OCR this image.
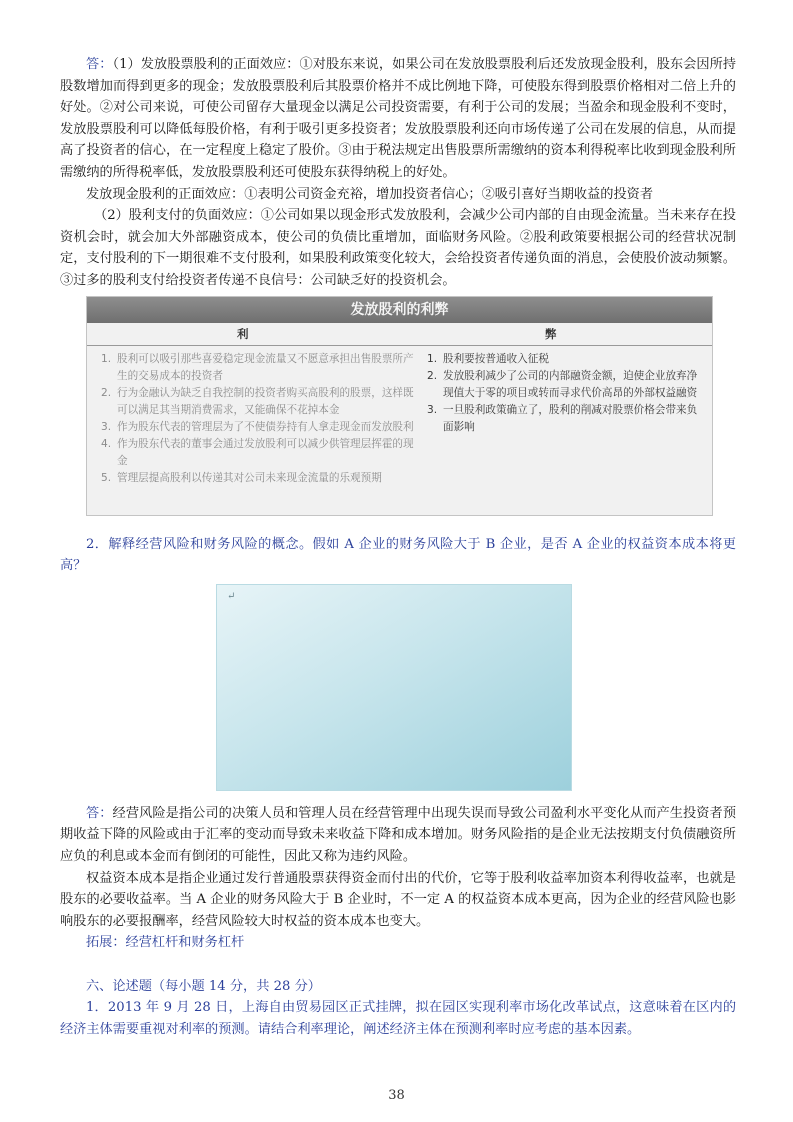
答：（1）发放股票股利的正面效应：①对股东来说，如果公司在发放股票股利后还发放现金股利，股东会因所持股数增加而得到更多的现金；发放股票股利后其股票价格并不成比例地下降，可使股东得到股票价格相对二倍上升的好处。②对公司来说，可使公司留存大量现金以满足公司投资需要，有利于公司的发展；当盈余和现金股利不变时，发放股票股利可以降低每股价格，有利于吸引更多投资者；发放股票股利还向市场传递了公司在发展的信息，从而提高了投资者的信心，在一定程度上稳定了股价。③由于税法规定出售股票所需缴纳的资本利得税率比收到现金股利所需缴纳的所得税率低，发放股票股利还可使股东获得纳税上的好处。

发放现金股利的正面效应：①表明公司资金充裕，增加投资者信心；②吸引喜好当期收益的投资者

（2）股利支付的负面效应：①公司如果以现金形式发放股利，会减少公司内部的自由现金流量。当未来存在投资机会时，就会加大外部融资成本，使公司的负债比重增加，面临财务风险。②股利政策要根据公司的经营状况制定，支付股利的下一期很难不支付股利，如果股利政策变化较大，会给投资者传递负面的消息，会使股价波动频繁。③过多的股利支付给投资者传递不良信号：公司缺乏好的投资机会。

发放股利的利弊
利	弊
1. 股利可以吸引那些喜爱稳定现金流量又不愿意承担出售股票所产生的交易成本的投资者
2. 行为金融认为缺乏自我控制的投资者购买高股利的股票，这样既可以满足其当期消费需求，又能确保不花掉本金
3. 作为股东代表的管理层为了不使债券持有人拿走现金而发放股利
4. 作为股东代表的董事会通过发放股利可以减少供管理层挥霍的现金
5. 管理层提高股利以传递其对公司未来现金流量的乐观预期
1. 股利要按普通收入征税
2. 发放股利减少了公司的内部融资金额，迫使企业放弃净现值大于零的项目或转而寻求代价高昂的外部权益融资
3. 一旦股利政策确立了，股利的削减对股票价格会带来负面影响

2．解释经营风险和财务风险的概念。假如 A 企业的财务风险大于 B 企业，是否 A 企业的权益资本成本将更高？

↵

答：经营风险是指公司的决策人员和管理人员在经营管理中出现失误而导致公司盈利水平变化从而产生投资者预期收益下降的风险或由于汇率的变动而导致未来收益下降和成本增加。财务风险指的是企业无法按期支付负债融资所应负的利息或本金而有倒闭的可能性，因此又称为违约风险。

权益资本成本是指企业通过发行普通股票获得资金而付出的代价，它等于股利收益率加资本利得收益率，也就是股东的必要收益率。当 A 企业的财务风险大于 B 企业时，不一定 A 的权益资本成本更高，因为企业的经营风险也影响股东的必要报酬率，经营风险较大时权益的资本成本也变大。

拓展：经营杠杆和财务杠杆

六、论述题（每小题 14 分，共 28 分）

1．2013 年 9 月 28 日，上海自由贸易园区正式挂牌，拟在园区实现利率市场化改革试点，这意味着在区内的经济主体需要重视对利率的预测。请结合利率理论，阐述经济主体在预测利率时应考虑的基本因素。

38
